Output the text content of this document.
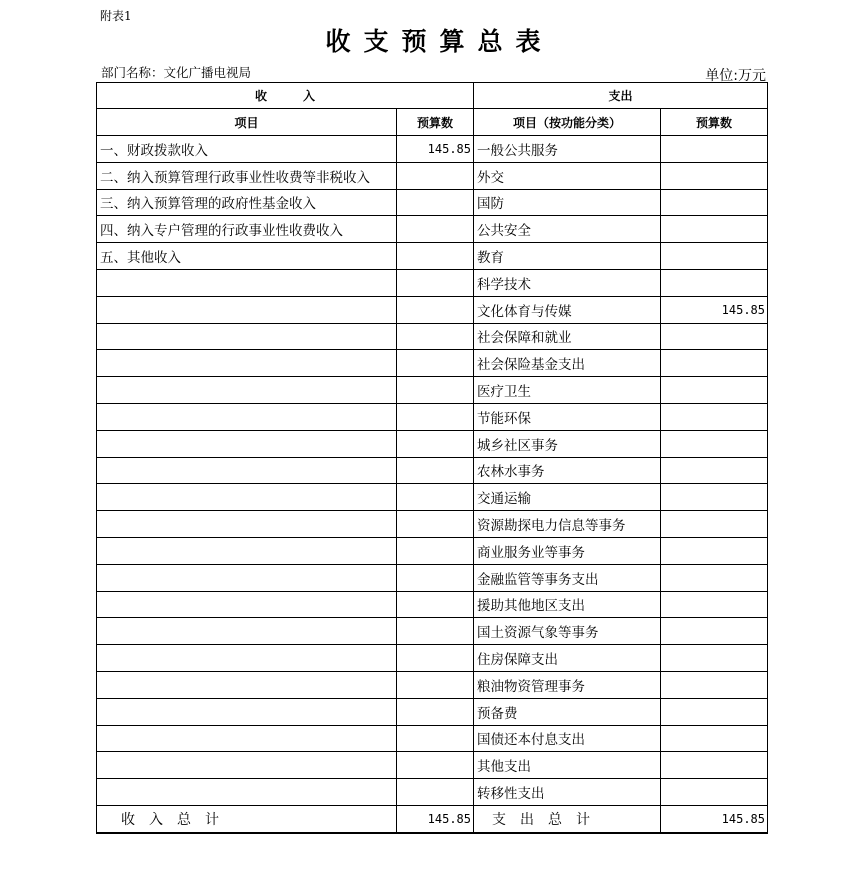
附表1
收支预算总表
部门名称：文化广播电视局	单位:万元
收　　　入		支出	
项目	预算数	项目（按功能分类）	预算数
一、财政拨款收入	145.85	一般公共服务	
二、纳入预算管理行政事业性收费等非税收入		外交	
三、纳入预算管理的政府性基金收入		国防	
四、纳入专户管理的行政事业性收费收入		公共安全	
五、其他收入		教育	
		科学技术	
		文化体育与传媒	145.85
		社会保障和就业	
		社会保险基金支出	
		医疗卫生	
		节能环保	
		城乡社区事务	
		农林水事务	
		交通运输	
		资源勘探电力信息等事务	
		商业服务业等事务	
		金融监管等事务支出	
		援助其他地区支出	
		国土资源气象等事务	
		住房保障支出	
		粮油物资管理事务	
		预备费	
		国债还本付息支出	
		其他支出	
		转移性支出	
收　入　总　计	145.85	支　出　总　计	145.85
